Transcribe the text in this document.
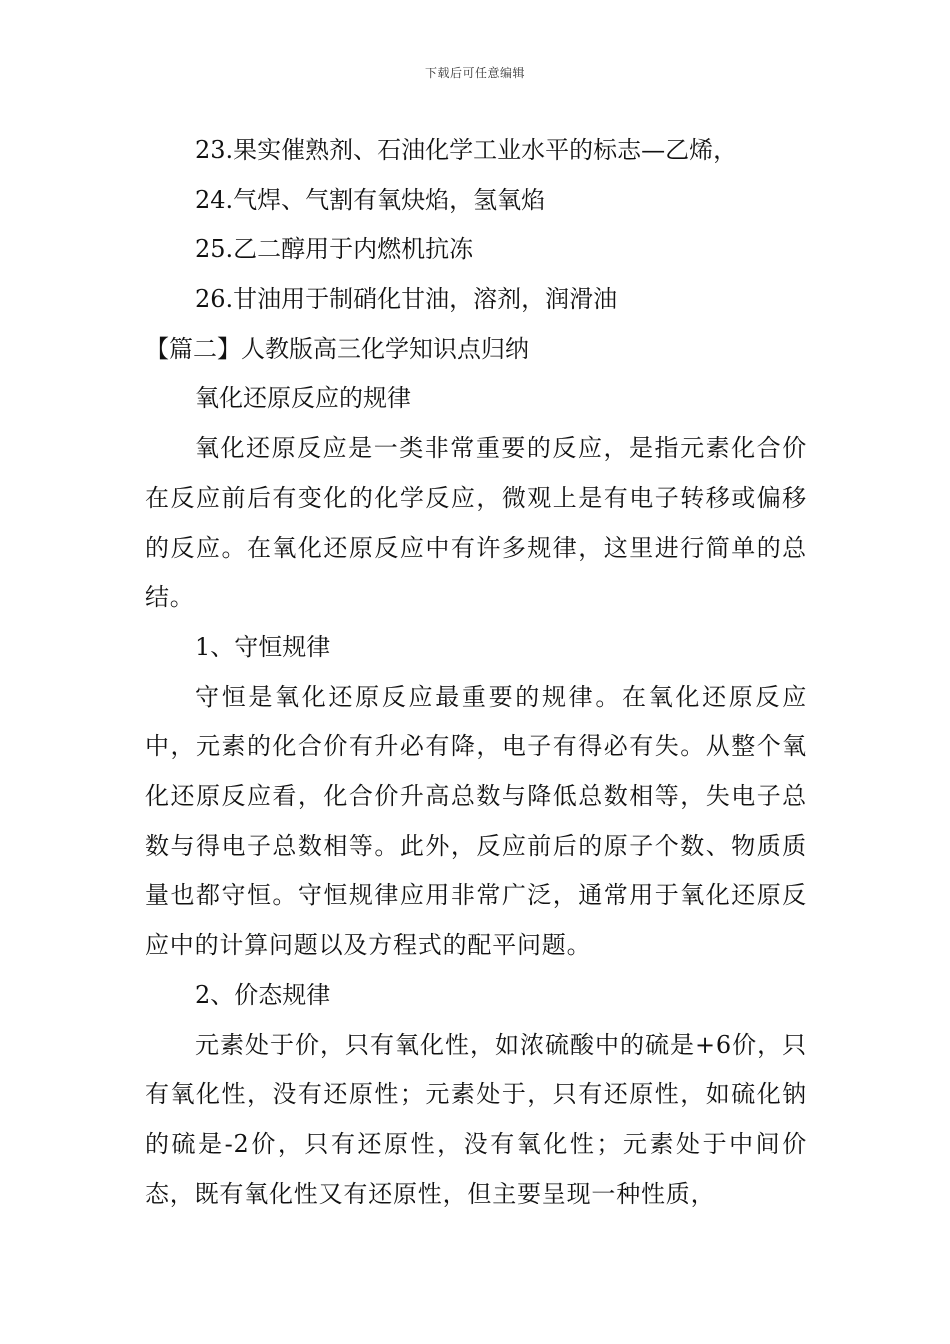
下载后可任意编辑
23.果实催熟剂、石油化学工业水平的标志—乙烯，
24.气焊、气割有氧炔焰，氢氧焰
25.乙二醇用于内燃机抗冻
26.甘油用于制硝化甘油，溶剂，润滑油
【篇二】人教版高三化学知识点归纳
氧化还原反应的规律

氧化还原反应是一类非常重要的反应，是指元素化合价在反应前后有变化的化学反应，微观上是有电子转移或偏移的反应。在氧化还原反应中有许多规律，这里进行简单的总结。

1、守恒规律

守恒是氧化还原反应最重要的规律。在氧化还原反应中，元素的化合价有升必有降，电子有得必有失。从整个氧化还原反应看，化合价升高总数与降低总数相等，失电子总数与得电子总数相等。此外，反应前后的原子个数、物质质量也都守恒。守恒规律应用非常广泛，通常用于氧化还原反应中的计算问题以及方程式的配平问题。

2、价态规律

元素处于价，只有氧化性，如浓硫酸中的硫是+6价，只有氧化性，没有还原性；元素处于，只有还原性，如硫化钠的硫是-2价，只有还原性，没有氧化性；元素处于中间价态，既有氧化性又有还原性，但主要呈现一种性质，
